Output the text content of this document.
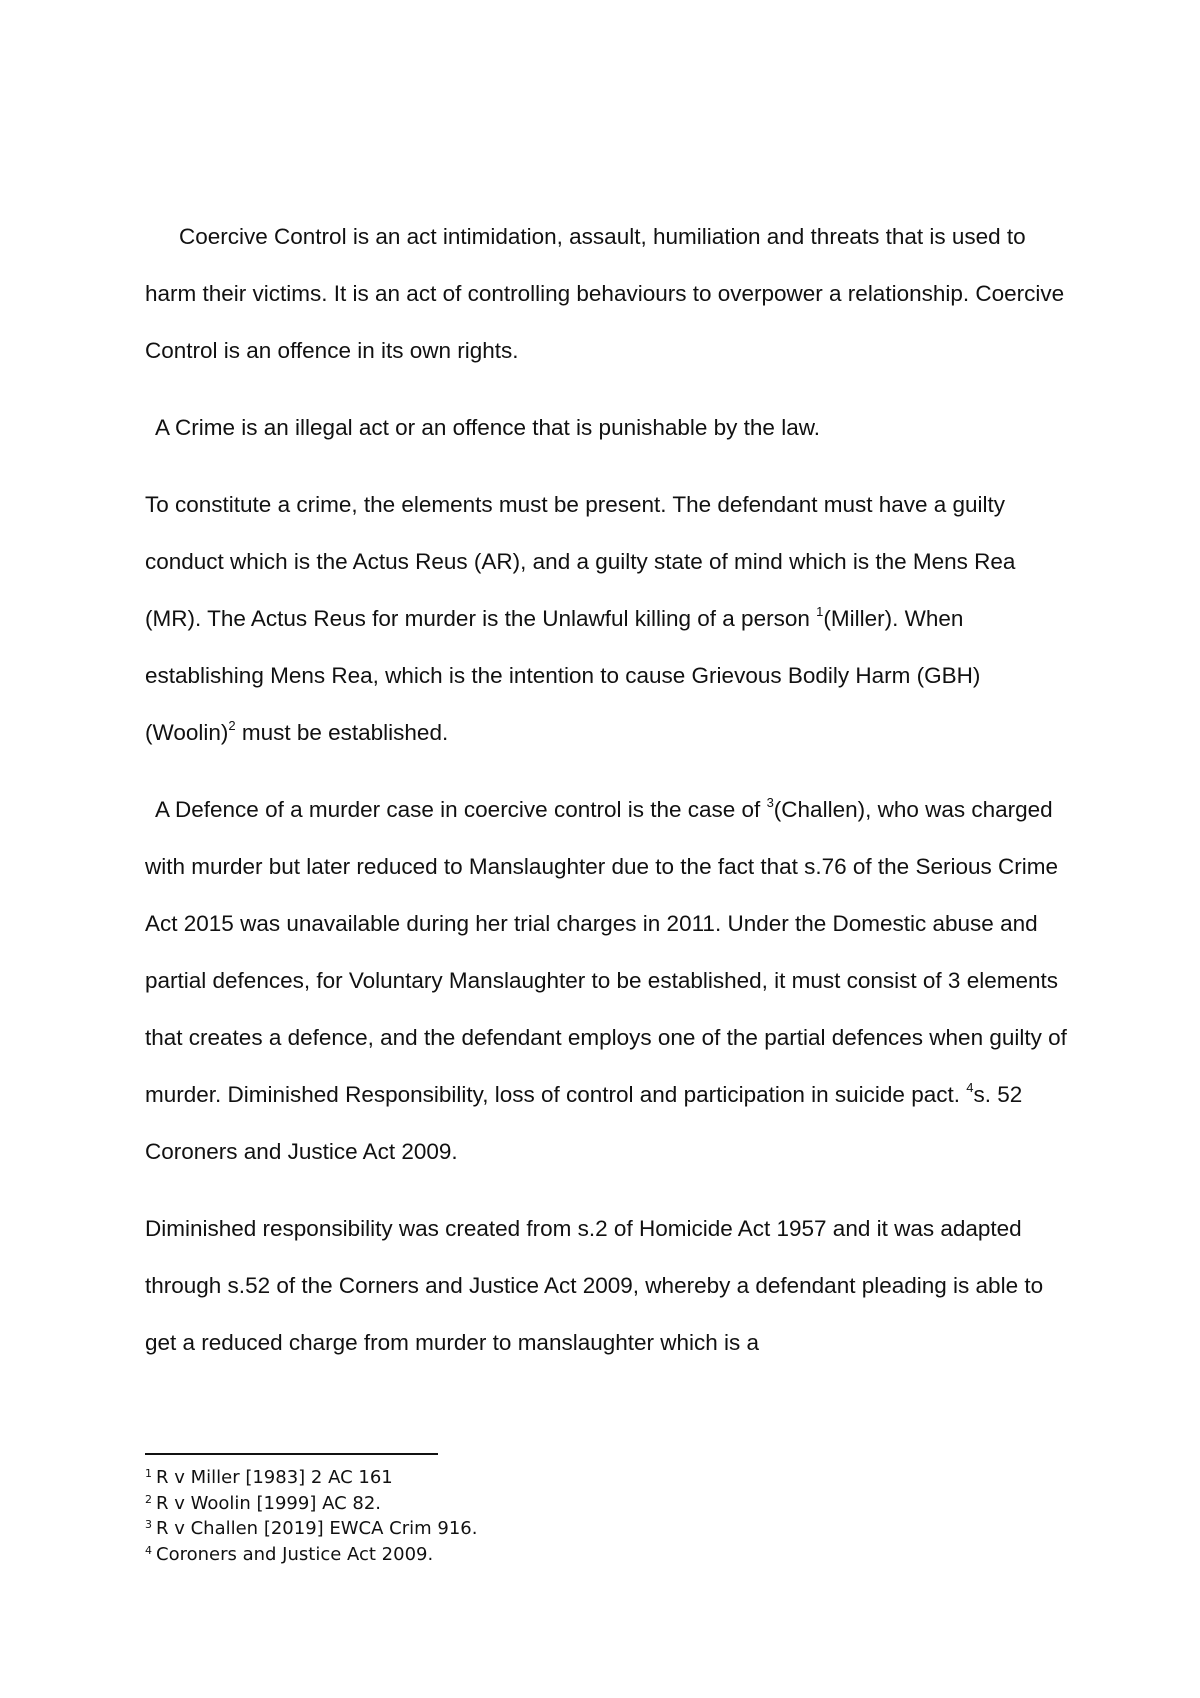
Coercive Control is an act intimidation, assault, humiliation and threats that is used to harm their victims. It is an act of controlling behaviours to overpower a relationship. Coercive Control is an offence in its own rights.

A Crime is an illegal act or an offence that is punishable by the law.

To constitute a crime, the elements must be present. The defendant must have a guilty conduct which is the Actus Reus (AR), and a guilty state of mind which is the Mens Rea (MR). The Actus Reus for murder is the Unlawful killing of a person $^1$(Miller). When establishing Mens Rea, which is the intention to cause Grievous Bodily Harm (GBH) (Woolin)$^2$ must be established.

A Defence of a murder case in coercive control is the case of $^3$(Challen), who was charged with murder but later reduced to Manslaughter due to the fact that s.76 of the Serious Crime Act 2015 was unavailable during her trial charges in 2011. Under the Domestic abuse and partial defences, for Voluntary Manslaughter to be established, it must consist of 3 elements that creates a defence, and the defendant employs one of the partial defences when guilty of murder. Diminished Responsibility, loss of control and participation in suicide pact. $^4$s. 52 Coroners and Justice Act 2009.

Diminished responsibility was created from s.2 of Homicide Act 1957 and it was adapted through s.52 of the Corners and Justice Act 2009, whereby a defendant pleading is able to get a reduced charge from murder to manslaughter which is a

$^1$ R v Miller [1983] 2 AC 161

$^2$ R v Woolin [1999] AC 82.

$^3$ R v Challen [2019] EWCA Crim 916.

$^4$ Coroners and Justice Act 2009.
